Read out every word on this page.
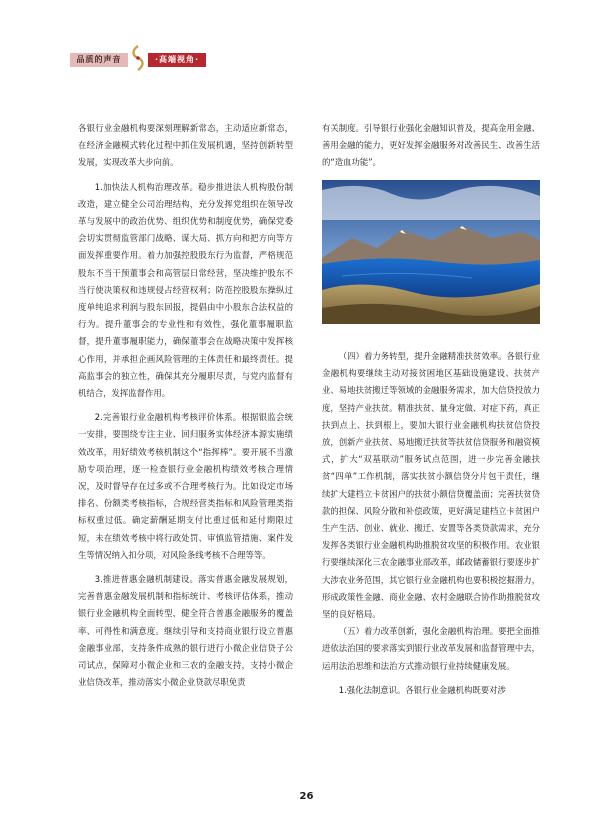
品质的声音	·高端视角·

各银行业金融机构要深刻理解新常态，主动适应新常态，在经济金融模式转化过程中抓住发展机遇，坚持创新转型发展，实现改革大步向前。

1.加快法人机构治理改革。稳步推进法人机构股份制改造，建立健全公司治理结构，充分发挥党组织在领导改革与发展中的政治优势、组织优势和制度优势，确保党委会切实贯彻监管部门战略、谋大局、抓方向和把方向等方面发挥重要作用。着力加强控股股东行为监督，严格规范股东不当干预董事会和高管层日常经营，坚决维护股东不当行使决策权和违规侵占经营权利；防范控股股东操纵过度单纯追求利润与股东回报，提倡由中小股东合法权益的行为。提升董事会的专业性和有效性，强化董事履职监督，提升董事履职能力，确保董事会在战略决策中发挥核心作用，并承担企画风险管理的主体责任和最终责任。提高监事会的独立性，确保其充分履职尽责，与党内监督有机结合，发挥监督作用。

2.完善银行业金融机构考核评价体系。根据银监会统一安排，要围绕专注主业、回归服务实体经济本源实施绩效改革，用好绩效考核机制这个“指挥棒”。要开展不当激励专项治理，逐一检查银行业金融机构绩效考核合理情况，及时督导存在过多或不合理考核行为。比如设定市场排名、份额类考核指标，合规经营类指标和风险管理类指标权重过低。确定薪酬延期支付比重过低和延付期限过短，未在绩效考核中将行政处罚、审慎监管措施、案件发生等情况纳入扣分项，对风险条线考核不合理等等。

3.推进普惠金融机制建设。落实普惠金融发展规划，完善普惠金融发展机制和指标统计、考核评估体系，推动银行业金融机构全面转型，健全符合普惠金融服务的覆盖率、可得性和满意度。继续引导和支持商业银行设立普惠金融事业部，支持条件成熟的银行进行小微企业信贷子公司试点，保障对小微企业和三农的金融支持，支持小微企业信贷改革，推动落实小微企业贷款尽职免责

有关制度。引导银行业强化金融知识普及，提高金用金融、善用金融的能力，更好发挥金融服务对改善民生、改善生活的“造血功能”。

（四）着力务转型，提升金融精准扶贫效率。各银行业金融机构要继续主动对接贫困地区基础设施建设、扶贫产业、易地扶贫搬迁等领域的金融服务需求，加大信贷投放力度，坚持产业扶贫。精准扶贫、量身定做、对症下药，真正扶到点上、扶到根上，要加大银行业金融机构扶贫信贷投放，创新产业扶贫、易地搬迁扶贫等扶贫信贷服务和融资模式，扩大“双基联动”服务试点范围，进一步完善金融扶贫“四单”工作机制，落实扶贫小额信贷分片包干责任，继续扩大建档立卡贫困户的扶贫小额信贷覆盖面；完善扶贫贷款的担保、风险分散和补偿政策，更好满足建档立卡贫困户生产生活、创业、就业、搬迁、安置等各类贷款需求，充分发挥各类银行业金融机构助推脱贫攻坚的积极作用。农业银行要继续深化三农金融事业部改革，邮政储蓄银行要逐步扩大涉农业务范围，其它银行业金融机构也要积极挖掘潜力，形成政策性金融、商业金融、农村金融联合协作助推脱贫攻坚的良好格局。

（五）着力改革创新，强化金融机构治理。要把全面推进依法治国的要求落实到银行业改革发展和监督管理中去，运用法治思维和法治方式推动银行业持续健康发展。

1.强化法制意识。各银行业金融机构既要对涉

26
